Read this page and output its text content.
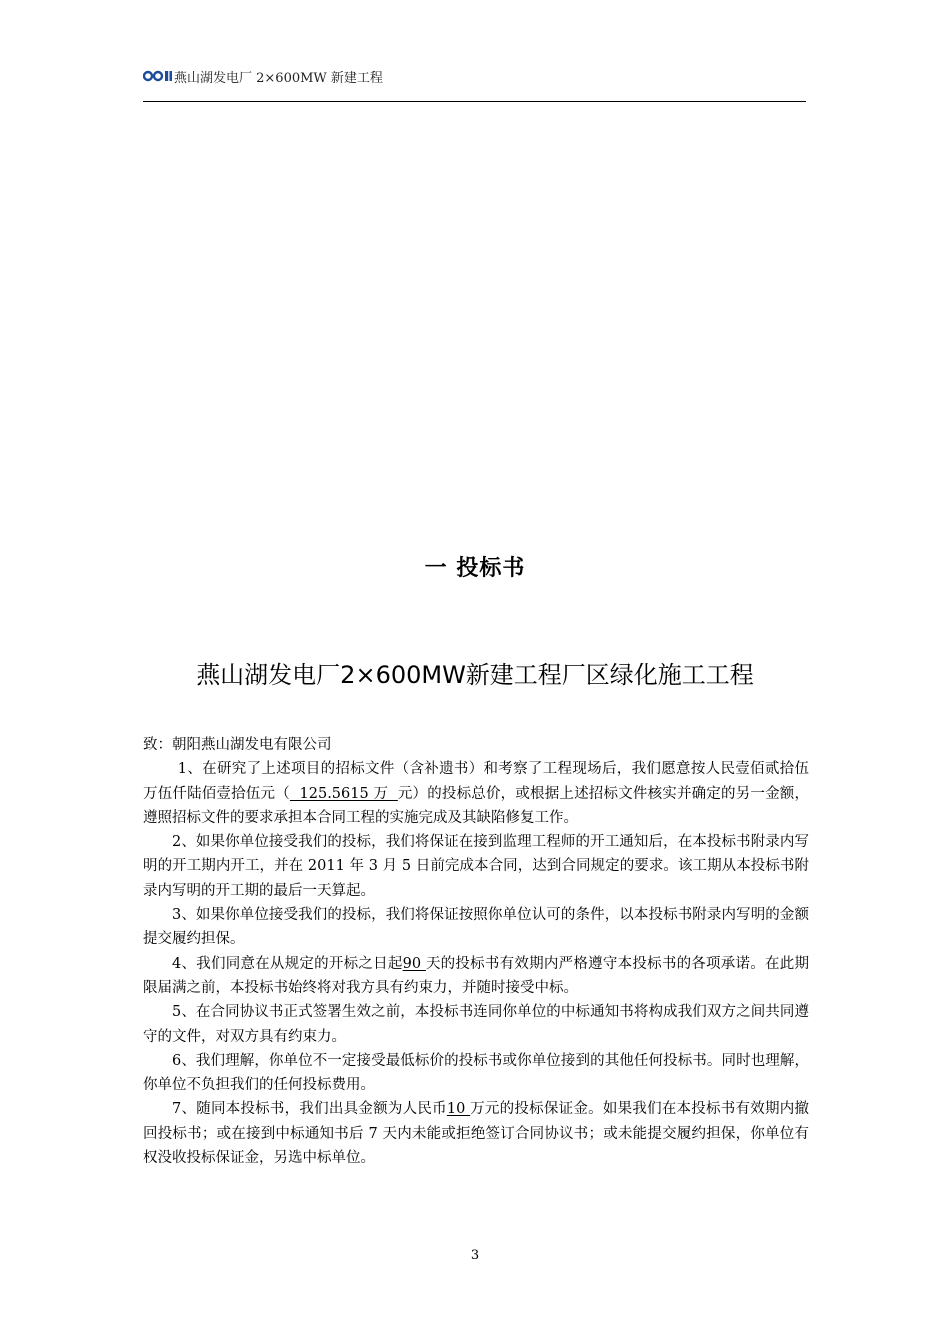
燕山湖发电厂 2×600MW 新建工程
一 投标书
燕山湖发电厂2×600MW新建工程厂区绿化施工工程

致：朝阳燕山湖发电有限公司

1、在研究了上述项目的招标文件（含补遗书）和考察了工程现场后，我们愿意按人民壹佰贰拾伍万伍仟陆佰壹拾伍元（  125.5615 万  元）的投标总价，或根据上述招标文件核实并确定的另一金额，遵照招标文件的要求承担本合同工程的实施完成及其缺陷修复工作。

2、如果你单位接受我们的投标，我们将保证在接到监理工程师的开工通知后，在本投标书附录内写明的开工期内开工，并在 2011 年 3 月 5 日前完成本合同，达到合同规定的要求。该工期从本投标书附录内写明的开工期的最后一天算起。

3、如果你单位接受我们的投标，我们将保证按照你单位认可的条件，以本投标书附录内写明的金额提交履约担保。

4、我们同意在从规定的开标之日起90 天的投标书有效期内严格遵守本投标书的各项承诺。在此期限届满之前，本投标书始终将对我方具有约束力，并随时接受中标。

5、在合同协议书正式签署生效之前，本投标书连同你单位的中标通知书将构成我们双方之间共同遵守的文件，对双方具有约束力。

6、我们理解，你单位不一定接受最低标价的投标书或你单位接到的其他任何投标书。同时也理解，你单位不负担我们的任何投标费用。

7、随同本投标书，我们出具金额为人民币10 万元的投标保证金。如果我们在本投标书有效期内撤回投标书；或在接到中标通知书后 7 天内未能或拒绝签订合同协议书；或未能提交履约担保，你单位有权没收投标保证金，另选中标单位。

3
